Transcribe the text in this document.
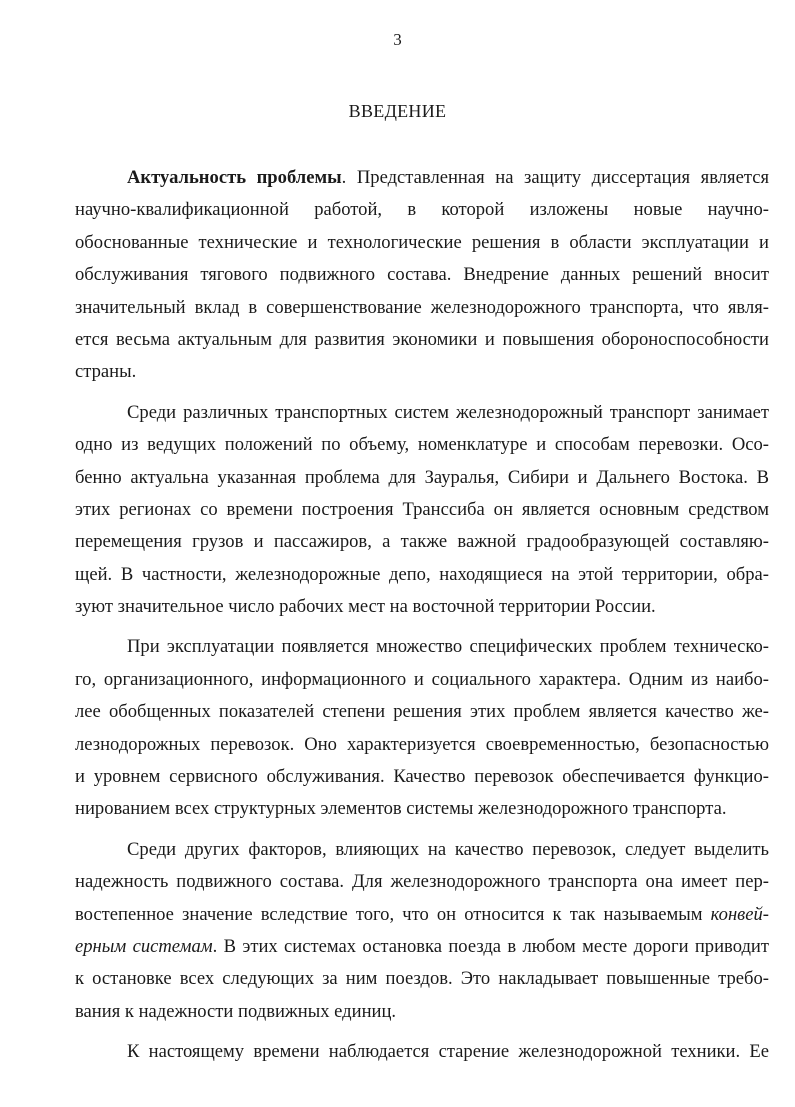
3
ВВЕДЕНИЕ
Актуальность проблемы. Представленная на защиту диссертация является
научно-квалификационной работой, в которой изложены новые научно-
обоснованные технические и технологические решения в области эксплуатации и
обслуживания тягового подвижного состава. Внедрение данных решений вносит
значительный вклад в совершенствование железнодорожного транспорта, что явля-
ется весьма актуальным для развития экономики и повышения обороноспособности
страны.
Среди различных транспортных систем железнодорожный транспорт занимает
одно из ведущих положений по объему, номенклатуре и способам перевозки. Осо-
бенно актуальна указанная проблема для Зауралья, Сибири и Дальнего Востока. В
этих регионах со времени построения Транссиба он является основным средством
перемещения грузов и пассажиров, а также важной градообразующей составляю-
щей. В частности, железнодорожные депо, находящиеся на этой территории, обра-
зуют значительное число рабочих мест на восточной территории России.
При эксплуатации появляется множество специфических проблем техническо-
го, организационного, информационного и социального характера. Одним из наибо-
лее обобщенных показателей степени решения этих проблем является качество же-
лезнодорожных перевозок. Оно характеризуется своевременностью, безопасностью
и уровнем сервисного обслуживания. Качество перевозок обеспечивается функцио-
нированием всех структурных элементов системы железнодорожного транспорта.
Среди других факторов, влияющих на качество перевозок, следует выделить
надежность подвижного состава. Для железнодорожного транспорта она имеет пер-
востепенное значение вследствие того, что он относится к так называемым конвей-
ерным системам. В этих системах остановка поезда в любом месте дороги приводит
к остановке всех следующих за ним поездов. Это накладывает повышенные требо-
вания к надежности подвижных единиц.
К настоящему времени наблюдается старение железнодорожной техники. Ее
